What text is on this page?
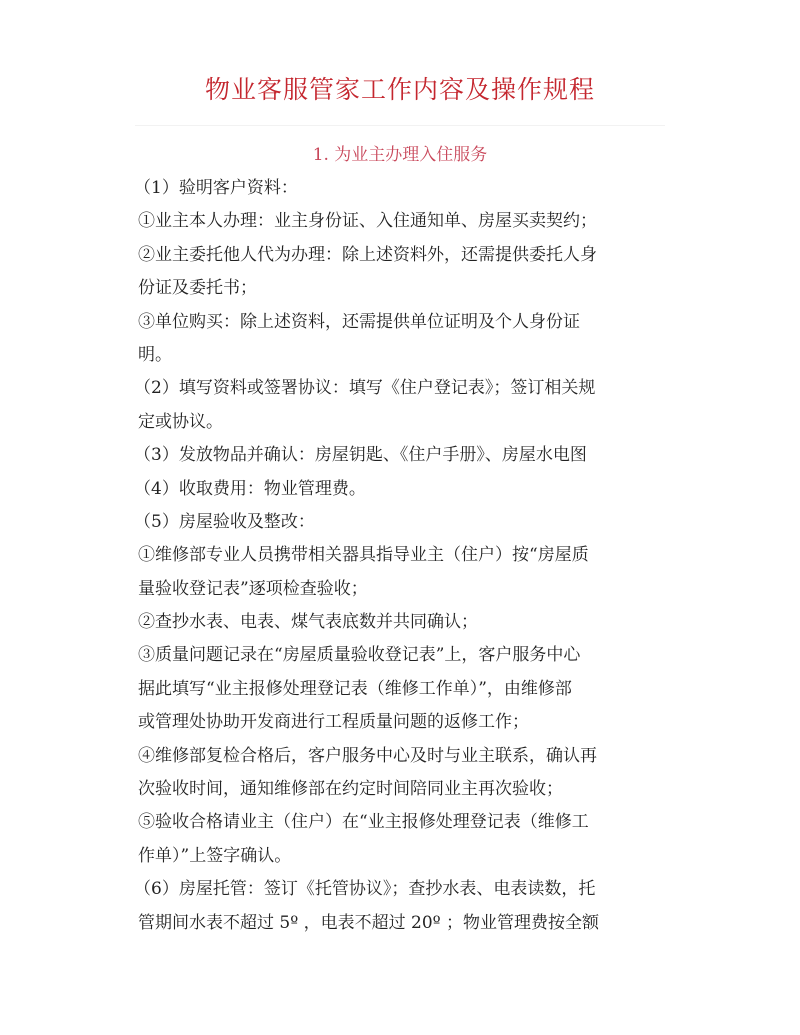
物业客服管家工作内容及操作规程
1. 为业主办理入住服务
（1）验明客户资料：
①业主本人办理：业主身份证、入住通知单、房屋买卖契约；
②业主委托他人代为办理：除上述资料外，还需提供委托人身
份证及委托书；
③单位购买：除上述资料，还需提供单位证明及个人身份证
明。
（2）填写资料或签署协议：填写《住户登记表》；签订相关规
定或协议。
（3）发放物品并确认：房屋钥匙、《住户手册》、房屋水电图
（4）收取费用：物业管理费。
（5）房屋验收及整改：
①维修部专业人员携带相关器具指导业主（住户）按“房屋质
量验收登记表”逐项检查验收；
②查抄水表、电表、煤气表底数并共同确认；
③质量问题记录在“房屋质量验收登记表”上，客户服务中心
据此填写“业主报修处理登记表（维修工作单）”，由维修部
或管理处协助开发商进行工程质量问题的返修工作；
④维修部复检合格后，客户服务中心及时与业主联系，确认再
次验收时间，通知维修部在约定时间陪同业主再次验收；
⑤验收合格请业主（住户）在“业主报修处理登记表（维修工
作单）”上签字确认。
（6）房屋托管：签订《托管协议》；查抄水表、电表读数，托
管期间水表不超过 5º ，电表不超过 20º ；物业管理费按全额
